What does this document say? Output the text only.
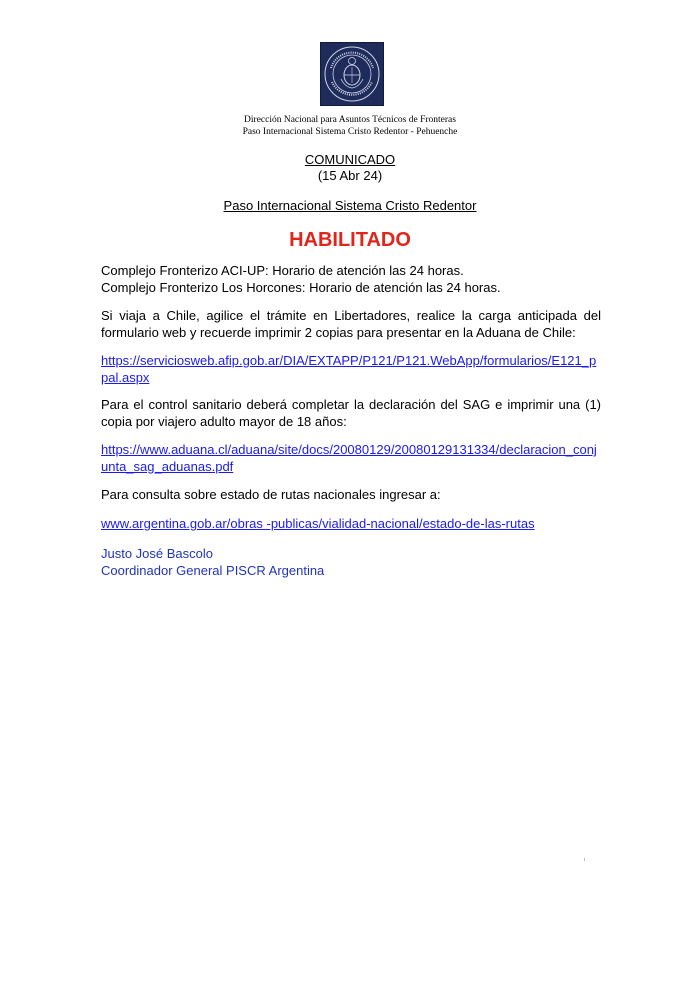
Dirección Nacional para Asuntos Técnicos de Fronteras
Paso Internacional Sistema Cristo Redentor - Pehuenche
COMUNICADO
(15 Abr 24)
Paso Internacional Sistema Cristo Redentor
HABILITADO
Complejo Fronterizo ACI-UP: Horario de atención las 24 horas.
Complejo Fronterizo Los Horcones: Horario de atención las 24 horas.
Si viaja a Chile, agilice el trámite en Libertadores, realice la carga anticipada del formulario web y recuerde imprimir 2 copias para presentar en la Aduana de Chile:
https://serviciosweb.afip.gob.ar/DIA/EXTAPP/P121/P121.WebApp/formularios/E121_ppal.aspx
Para el control sanitario deberá completar la declaración del SAG e imprimir una (1) copia por viajero adulto mayor de 18 años:
https://www.aduana.cl/aduana/site/docs/20080129/20080129131334/declaracion_conjunta_sag_aduanas.pdf
Para consulta sobre estado de rutas nacionales ingresar a:
www.argentina.gob.ar/obras -publicas/vialidad-nacional/estado-de-las-rutas
Justo José Bascolo
Coordinador General PISCR Argentina
